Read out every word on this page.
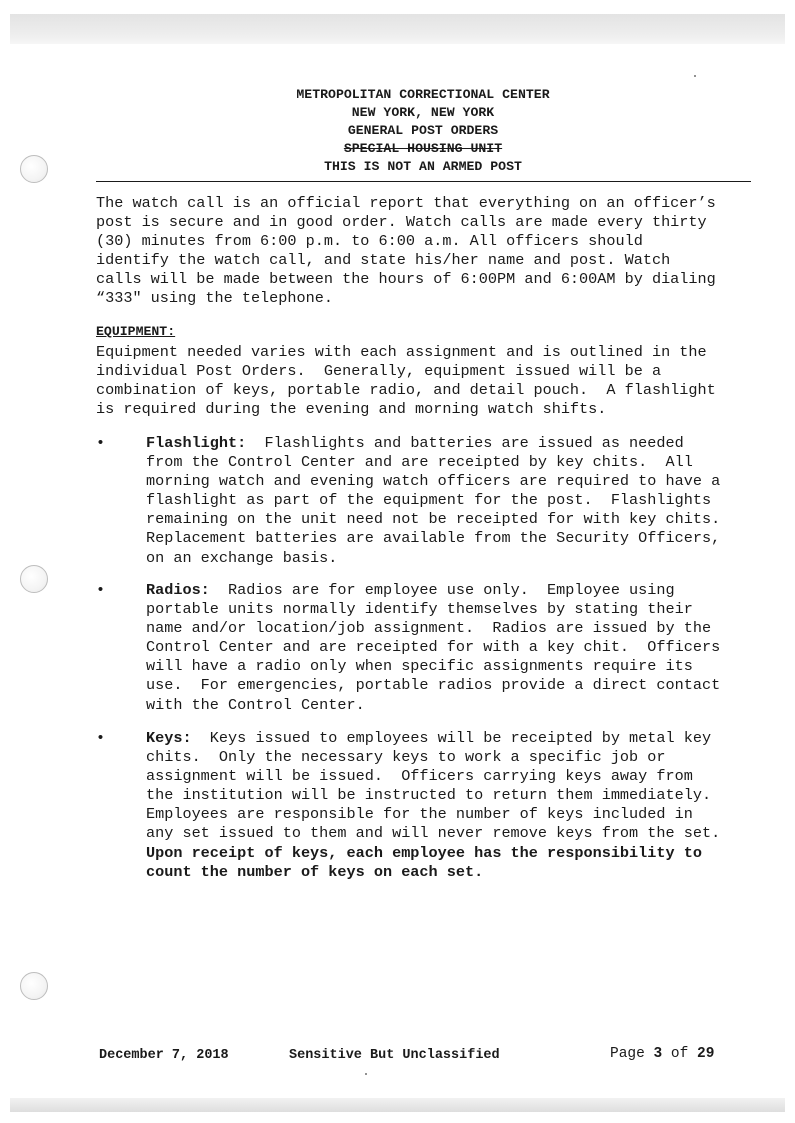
METROPOLITAN CORRECTIONAL CENTER
NEW YORK, NEW YORK
GENERAL POST ORDERS
SPECIAL HOUSING UNIT
THIS IS NOT AN ARMED POST

The watch call is an official report that everything on an officer’s

post is secure and in good order. Watch calls are made every thirty

(30) minutes from 6:00 p.m. to 6:00 a.m. All officers should

identify the watch call, and state his/her name and post. Watch

calls will be made between the hours of 6:00PM and 6:00AM by dialing

“333" using the telephone.

EQUIPMENT:

Equipment needed varies with each assignment and is outlined in the

individual Post Orders.  Generally, equipment issued will be a

combination of keys, portable radio, and detail pouch.  A flashlight

is required during the evening and morning watch shifts.

•	Flashlight:  Flashlights and batteries are issued as needed
from the Control Center and are receipted by key chits.  All
morning watch and evening watch officers are required to have a
flashlight as part of the equipment for the post.  Flashlights
remaining on the unit need not be receipted for with key chits.
Replacement batteries are available from the Security Officers,
on an exchange basis.
•	Radios:  Radios are for employee use only.  Employee using
portable units normally identify themselves by stating their
name and/or location/job assignment.  Radios are issued by the
Control Center and are receipted for with a key chit.  Officers
will have a radio only when specific assignments require its
use.  For emergencies, portable radios provide a direct contact
with the Control Center.
•	Keys:  Keys issued to employees will be receipted by metal key
chits.  Only the necessary keys to work a specific job or
assignment will be issued.  Officers carrying keys away from
the institution will be instructed to return them immediately.
Employees are responsible for the number of keys included in
any set issued to them and will never remove keys from the set.
Upon receipt of keys, each employee has the responsibility to
count the number of keys on each set.
December 7, 2018	Sensitive But Unclassified	Page 3 of 29
